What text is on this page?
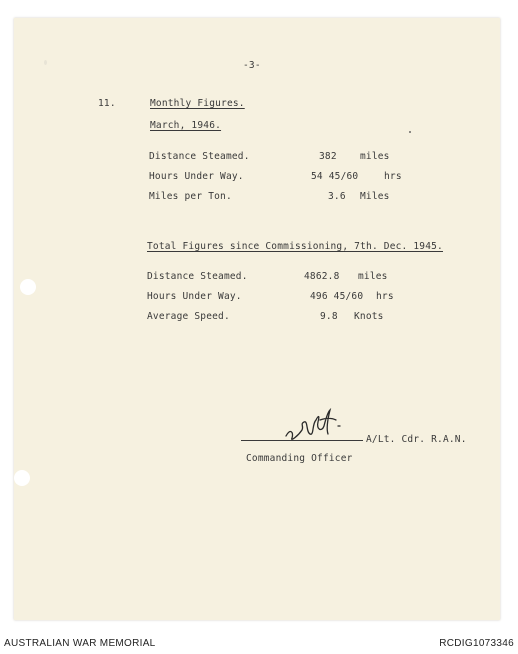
-3-
11.	Monthly Figures.
March, 1946.
Distance Steamed.	382 miles
Hours Under Way.	54 45/60	hrs
Miles per Ton.	3.6 Miles
Total Figures since Commissioning, 7th. Dec. 1945.
Distance Steamed.	4862.8 miles
Hours Under Way.	496 45/60 hrs
Average Speed.	9.8 Knots
A/Lt. Cdr. R.A.N.
Commanding Officer
AUSTRALIAN WAR MEMORIAL	RCDIG1073346
